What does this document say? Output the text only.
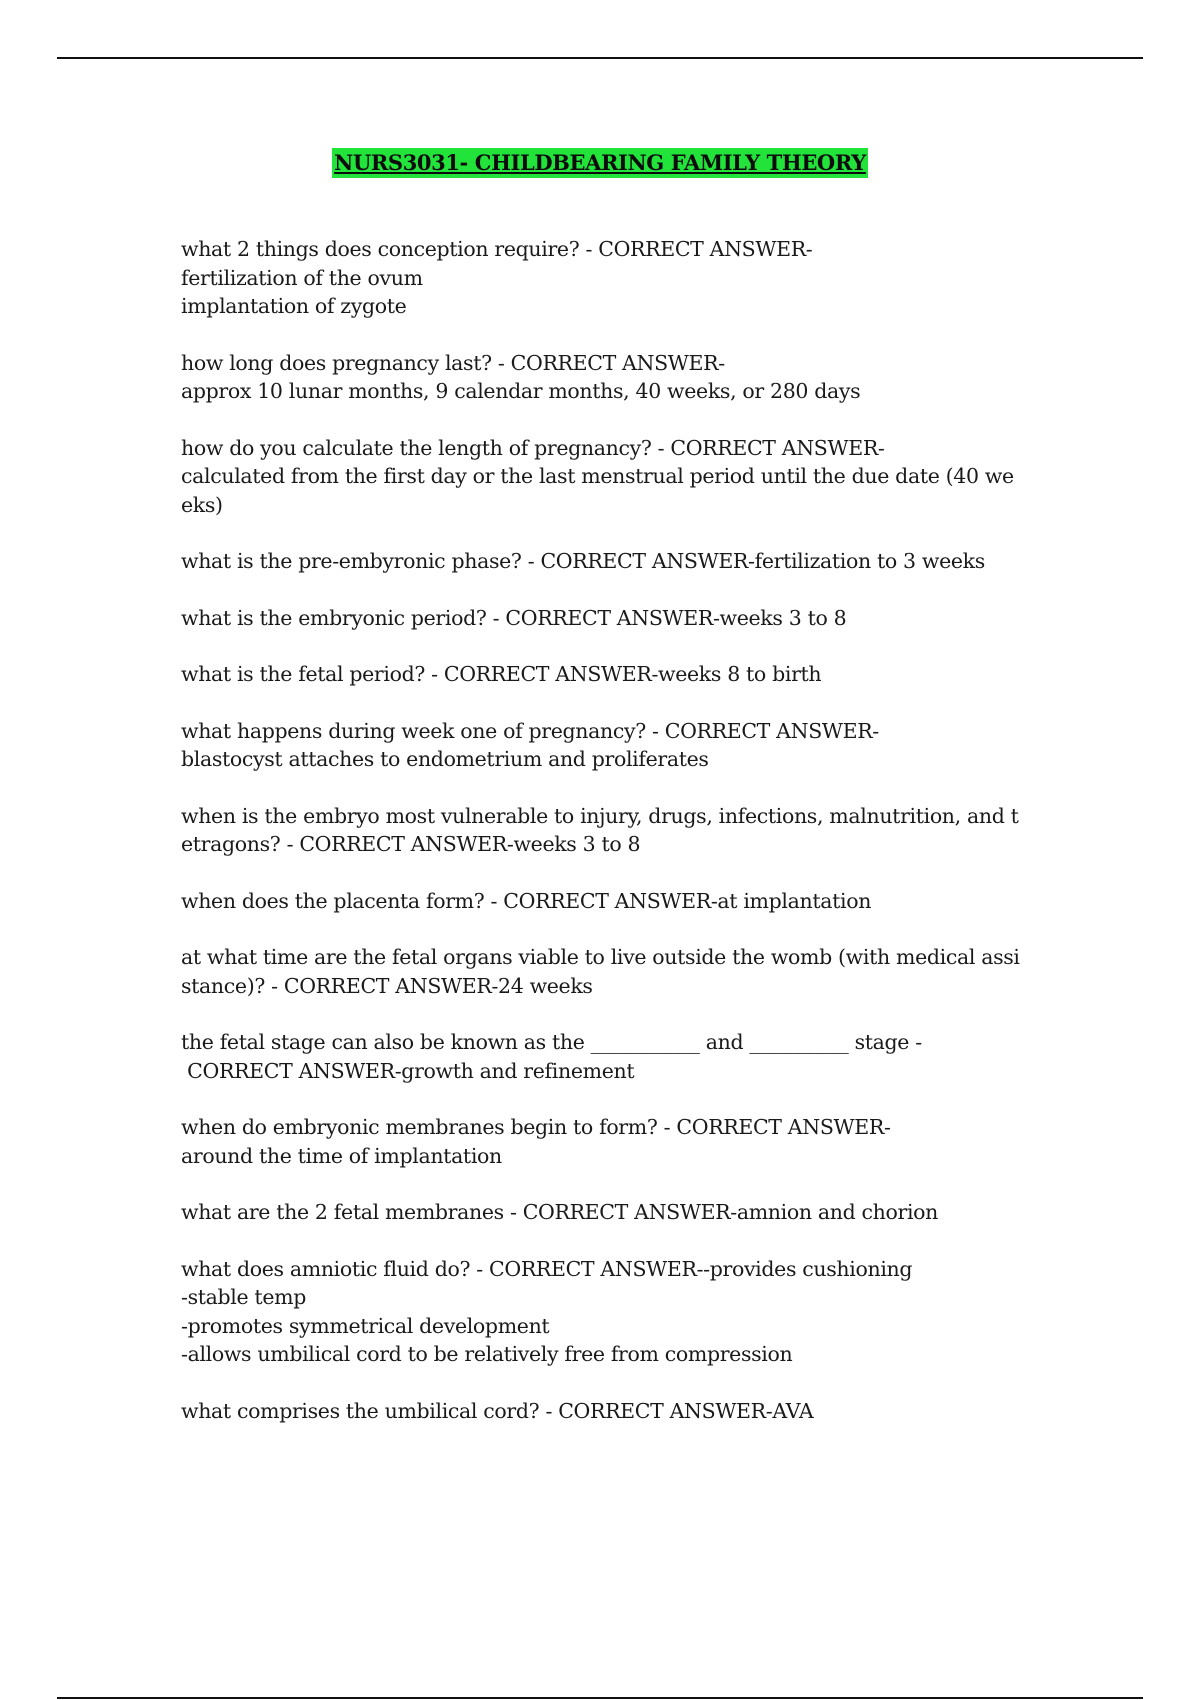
NURS3031- CHILDBEARING FAMILY THEORY
what 2 things does conception require? - CORRECT ANSWER-
fertilization of the ovum
implantation of zygote
how long does pregnancy last? - CORRECT ANSWER-
approx 10 lunar months, 9 calendar months, 40 weeks, or 280 days
how do you calculate the length of pregnancy? - CORRECT ANSWER-
calculated from the first day or the last menstrual period until the due date (40 we
eks)
what is the pre-embyronic phase? - CORRECT ANSWER-fertilization to 3 weeks
what is the embryonic period? - CORRECT ANSWER-weeks 3 to 8
what is the fetal period? - CORRECT ANSWER-weeks 8 to birth
what happens during week one of pregnancy? - CORRECT ANSWER-
blastocyst attaches to endometrium and proliferates
when is the embryo most vulnerable to injury, drugs, infections, malnutrition, and t
etragons? - CORRECT ANSWER-weeks 3 to 8
when does the placenta form? - CORRECT ANSWER-at implantation
at what time are the fetal organs viable to live outside the womb (with medical assi
stance)? - CORRECT ANSWER-24 weeks
the fetal stage can also be known as the ___________ and __________ stage -
CORRECT ANSWER-growth and refinement
when do embryonic membranes begin to form? - CORRECT ANSWER-
around the time of implantation
what are the 2 fetal membranes - CORRECT ANSWER-amnion and chorion
what does amniotic fluid do? - CORRECT ANSWER--provides cushioning
-stable temp
-promotes symmetrical development
-allows umbilical cord to be relatively free from compression
what comprises the umbilical cord? - CORRECT ANSWER-AVA
